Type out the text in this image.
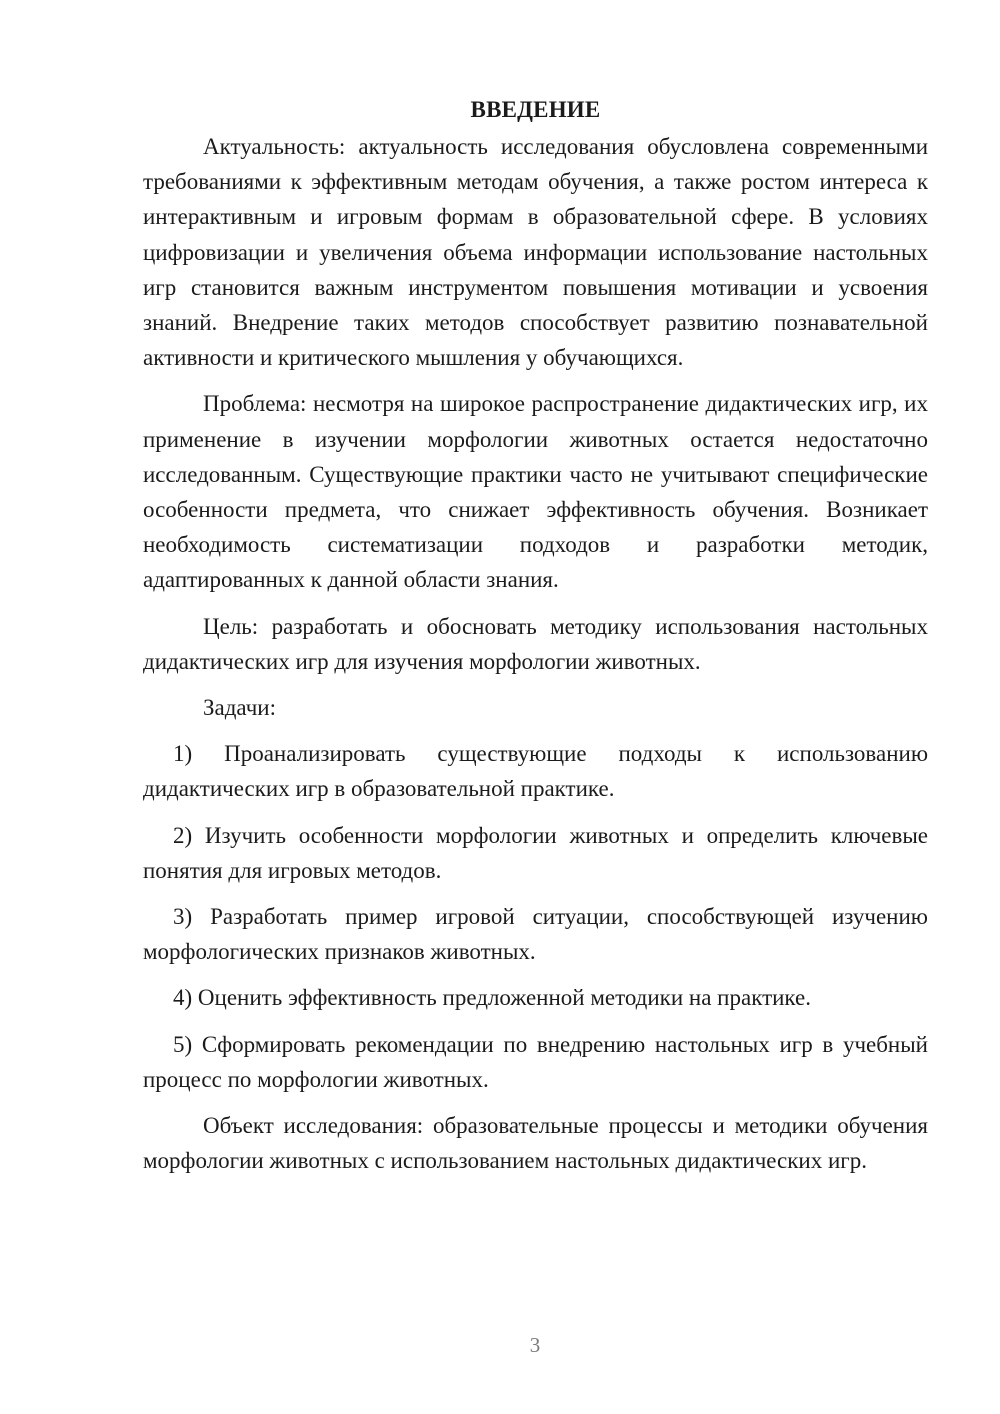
ВВЕДЕНИЕ

Актуальность: актуальность исследования обусловлена современными требованиями к эффективным методам обучения, а также ростом интереса к интерактивным и игровым формам в образовательной сфере. В условиях цифровизации и увеличения объема информации использование настольных игр становится важным инструментом повышения мотивации и усвоения знаний. Внедрение таких методов способствует развитию познавательной активности и критического мышления у обучающихся.

Проблема: несмотря на широкое распространение дидактических игр, их применение в изучении морфологии животных остается недостаточно исследованным. Существующие практики часто не учитывают специфические особенности предмета, что снижает эффективность обучения. Возникает необходимость систематизации подходов и разработки методик, адаптированных к данной области знания.

Цель: разработать и обосновать методику использования настольных дидактических игр для изучения морфологии животных.

Задачи:

1) Проанализировать существующие подходы к использованию дидактических игр в образовательной практике.

2) Изучить особенности морфологии животных и определить ключевые понятия для игровых методов.

3) Разработать пример игровой ситуации, способствующей изучению морфологических признаков животных.

4) Оценить эффективность предложенной методики на практике.

5) Сформировать рекомендации по внедрению настольных игр в учебный процесс по морфологии животных.

Объект исследования: образовательные процессы и методики обучения морфологии животных с использованием настольных дидактических игр.

3
